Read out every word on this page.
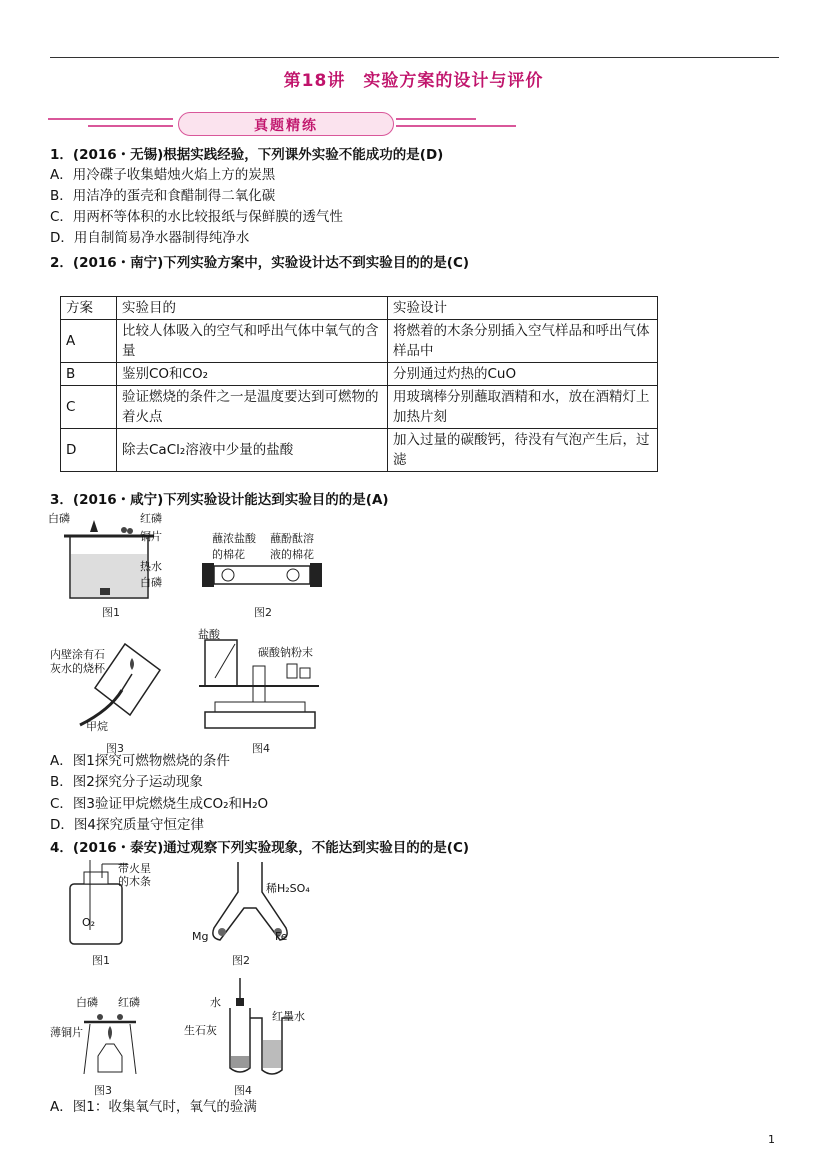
第18讲　实验方案的设计与评价
真题精练
1．(2016・无锡)根据实践经验，下列课外实验不能成功的是(D)
A．用冷碟子收集蜡烛火焰上方的炭黑
B．用洁净的蛋壳和食醋制得二氧化碳
C．用两杯等体积的水比较报纸与保鲜膜的透气性
D．用自制简易净水器制得纯净水
2．(2016・南宁)下列实验方案中，实验设计达不到实验目的的是(C)
方案	实验目的	实验设计
A	比较人体吸入的空气和呼出气体中氧气的含量	将燃着的木条分别插入空气样品和呼出气体样品中
B	鉴别CO和CO₂	分别通过灼热的CuO
C	验证燃烧的条件之一是温度要达到可燃物的着火点	用玻璃棒分别蘸取酒精和水，放在酒精灯上加热片刻
D	除去CaCl₂溶液中少量的盐酸	加入过量的碳酸钙，待没有气泡产生后，过滤
3．(2016・咸宁)下列实验设计能达到实验目的的是(A)
白磷	红磷
铜片
热水
白磷
图1
蘸浓盐酸的棉花
蘸酚酞溶液的棉花
图2
内壁涂有石灰水的烧杯
甲烷
图3
盐酸
碳酸钠粉末
图4
A．图1探究可燃物燃烧的条件
B．图2探究分子运动现象
C．图3验证甲烷燃烧生成CO₂和H₂O
D．图4探究质量守恒定律
4．(2016・泰安)通过观察下列实验现象，不能达到实验目的的是(C)
带火星的木条
O₂
图1
稀H₂SO₄
Mg	Fe
图2
白磷 红磷
薄铜片
图3
水
生石灰
红墨水
图4
A．图1：收集氧气时，氧气的验满
1
